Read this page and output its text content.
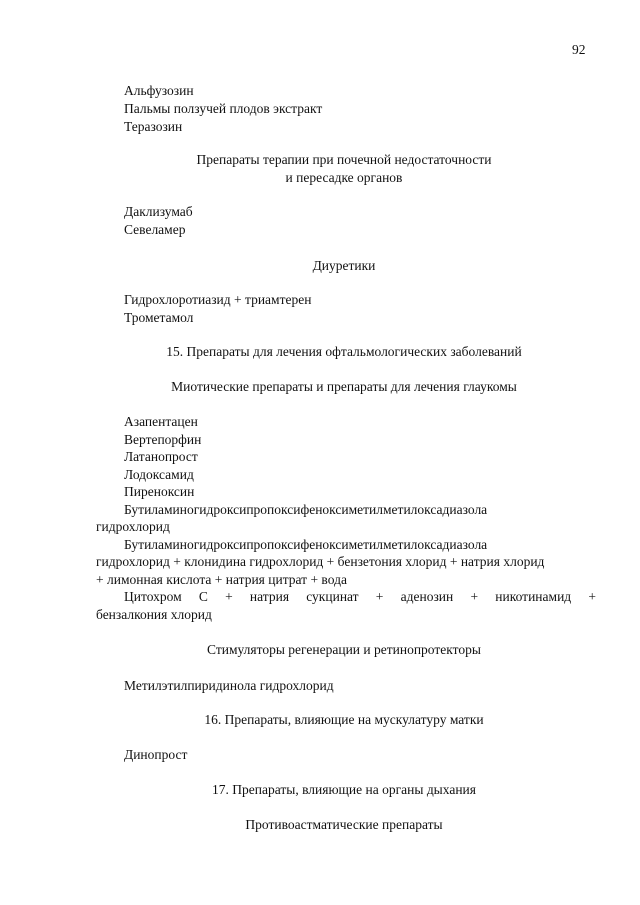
92
Альфузозин
Пальмы ползучей плодов экстракт
Теразозин
Препараты терапии при почечной недостаточности
и пересадке органов
Даклизумаб
Севеламер
Диуретики
Гидрохлоротиазид + триамтерен
Трометамол
15. Препараты для лечения офтальмологических заболеваний
Миотические препараты и препараты для лечения глаукомы
Азапентацен
Вертепорфин
Латанопрост
Лодоксамид
Пиреноксин
Бутиламиногидроксипропоксифеноксиметилметилоксадиазола
гидрохлорид
Бутиламиногидроксипропоксифеноксиметилметилоксадиазола
гидрохлорид + клонидина гидрохлорид + бензетония хлорид + натрия хлорид
+ лимонная кислота + натрия цитрат + вода
Цитохром С + натрия сукцинат + аденозин + никотинамид +
бензалкония хлорид
Стимуляторы регенерации и ретинопротекторы
Метилэтилпиридинола гидрохлорид
16. Препараты, влияющие на мускулатуру матки
Динопрост
17. Препараты, влияющие на органы дыхания
Противоастматические препараты
